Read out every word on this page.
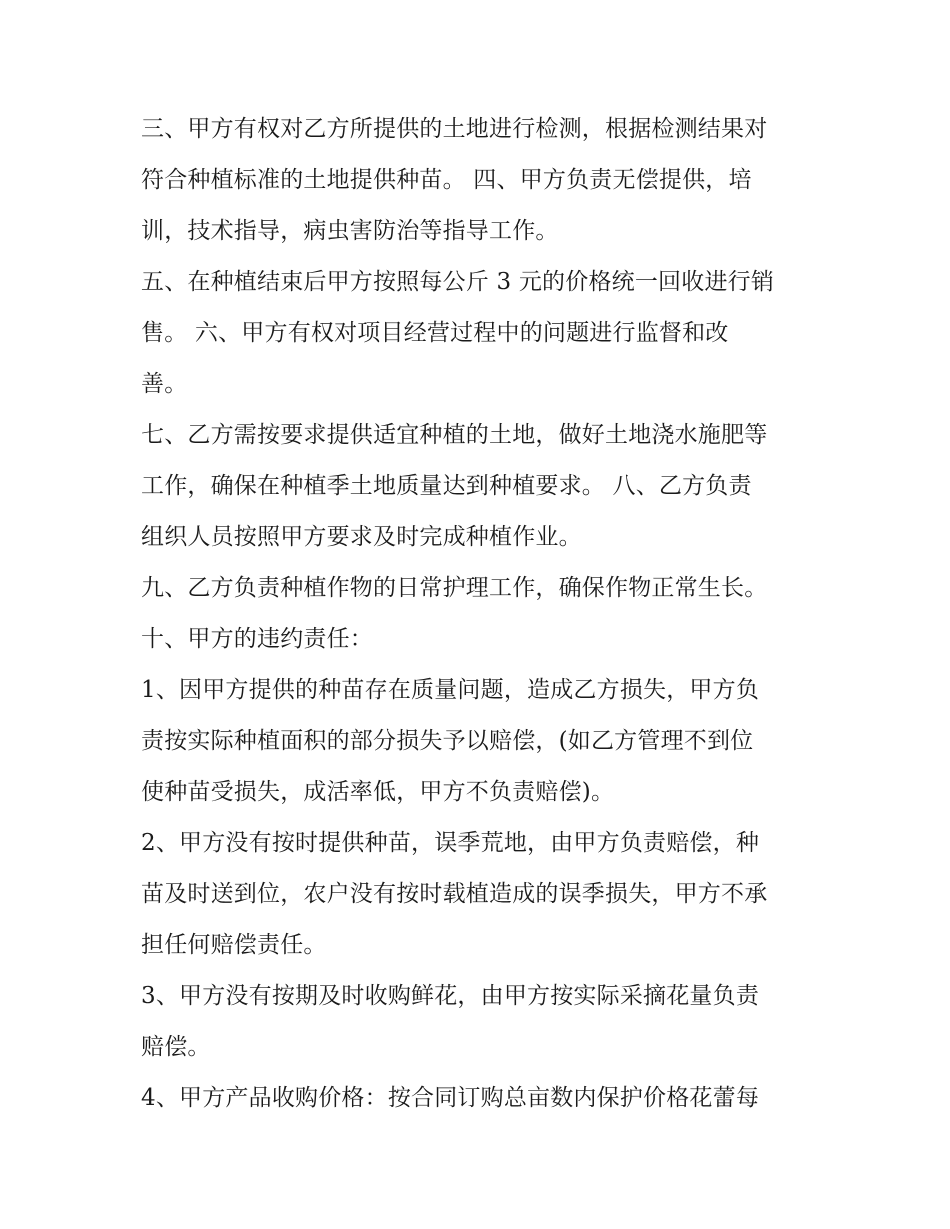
三、甲方有权对乙方所提供的土地进行检测，根据检测结果对
符合种植标准的土地提供种苗。 四、甲方负责无偿提供，培
训，技术指导，病虫害防治等指导工作。
五、在种植结束后甲方按照每公斤 3 元的价格统一回收进行销
售。 六、甲方有权对项目经营过程中的问题进行监督和改
善。
七、乙方需按要求提供适宜种植的土地，做好土地浇水施肥等
工作，确保在种植季土地质量达到种植要求。 八、乙方负责
组织人员按照甲方要求及时完成种植作业。
九、乙方负责种植作物的日常护理工作，确保作物正常生长。
十、甲方的违约责任：
1、因甲方提供的种苗存在质量问题，造成乙方损失，甲方负
责按实际种植面积的部分损失予以赔偿，(如乙方管理不到位
使种苗受损失，成活率低，甲方不负责赔偿)。
2、甲方没有按时提供种苗，误季荒地，由甲方负责赔偿，种
苗及时送到位，农户没有按时载植造成的误季损失，甲方不承
担任何赔偿责任。
3、甲方没有按期及时收购鲜花，由甲方按实际采摘花量负责
赔偿。
4、甲方产品收购价格：按合同订购总亩数内保护价格花蕾每
